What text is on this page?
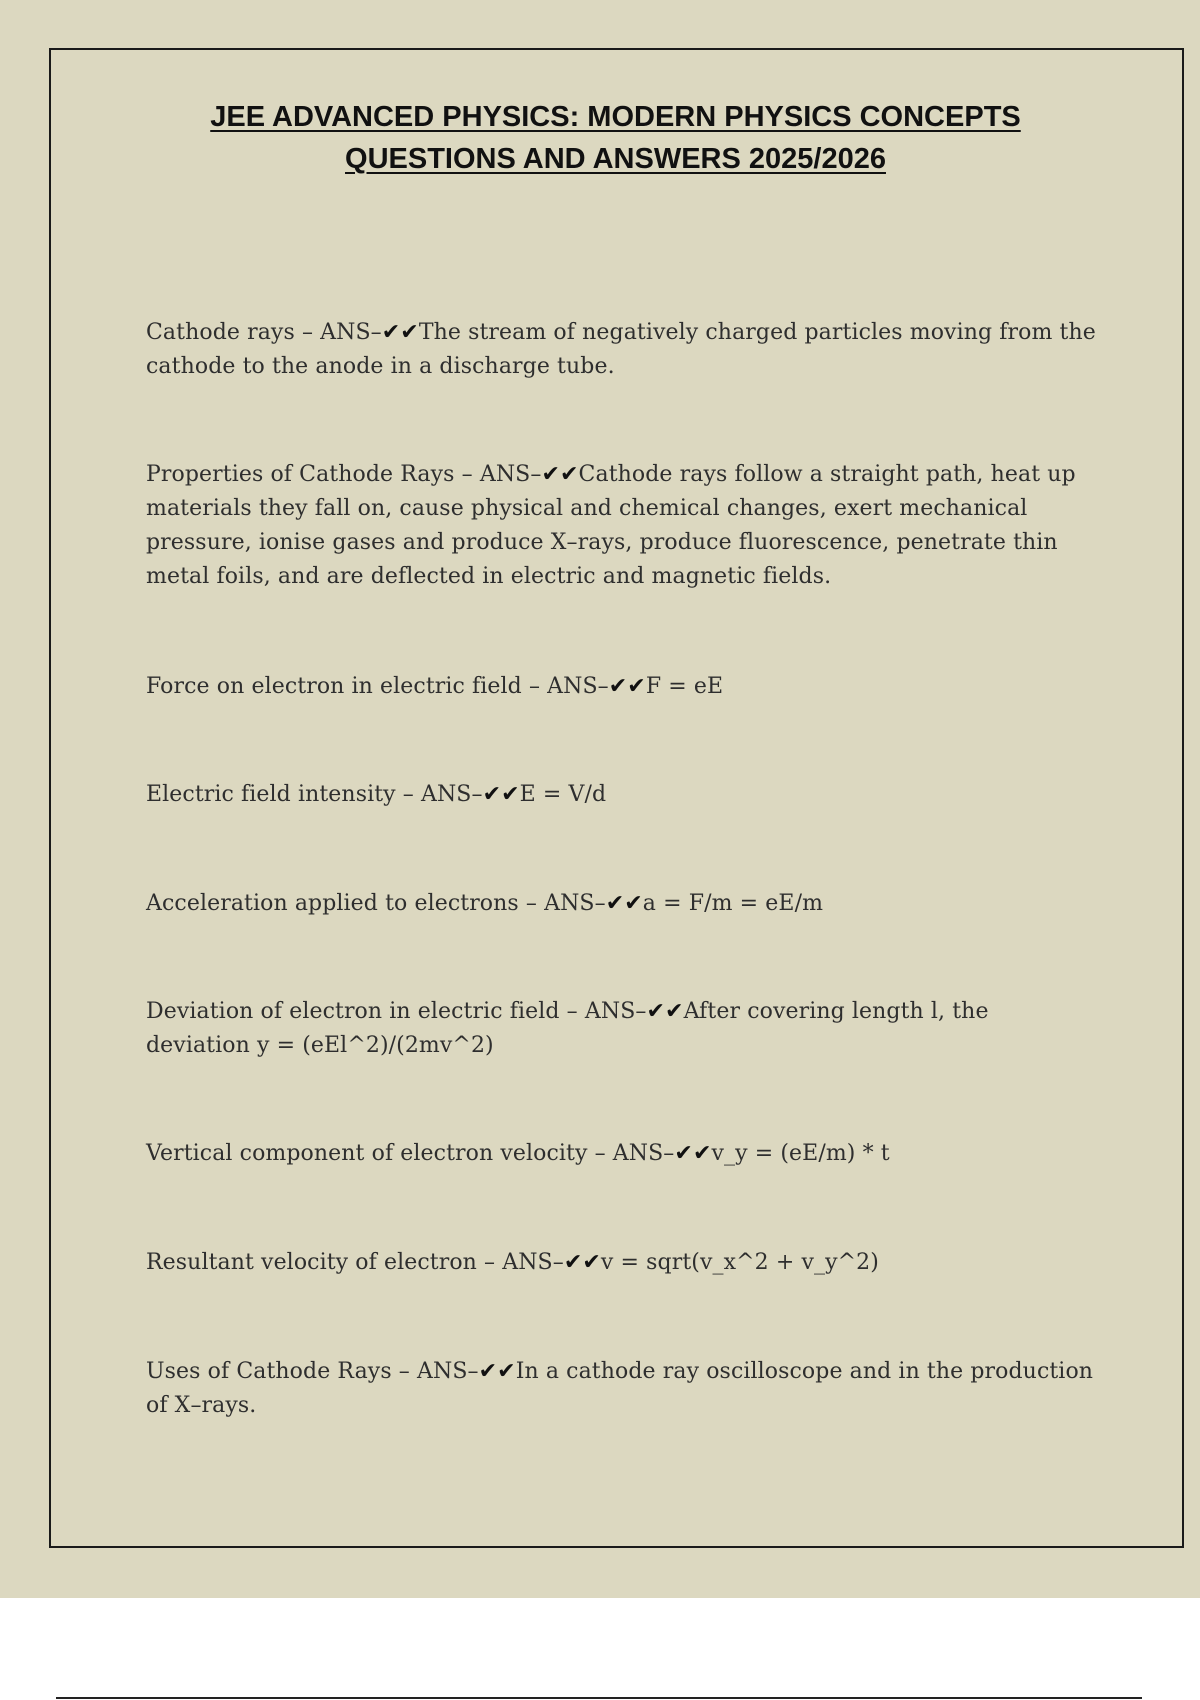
JEE ADVANCED PHYSICS: MODERN PHYSICS CONCEPTS
QUESTIONS AND ANSWERS 2025/2026

Cathode rays – ANS–✔✔The stream of negatively charged particles moving from the cathode to the anode in a discharge tube.

Properties of Cathode Rays – ANS–✔✔Cathode rays follow a straight path, heat up materials they fall on, cause physical and chemical changes, exert mechanical pressure, ionise gases and produce X–rays, produce fluorescence, penetrate thin metal foils, and are deflected in electric and magnetic fields.

Force on electron in electric field – ANS–✔✔F = eE

Electric field intensity – ANS–✔✔E = V/d

Acceleration applied to electrons – ANS–✔✔a = F/m = eE/m

Deviation of electron in electric field – ANS–✔✔After covering length l, the deviation y = (eEl^2)/(2mv^2)

Vertical component of electron velocity – ANS–✔✔v_y = (eE/m) * t

Resultant velocity of electron – ANS–✔✔v = sqrt(v_x^2 + v_y^2)

Uses of Cathode Rays – ANS–✔✔In a cathode ray oscilloscope and in the production of X–rays.
